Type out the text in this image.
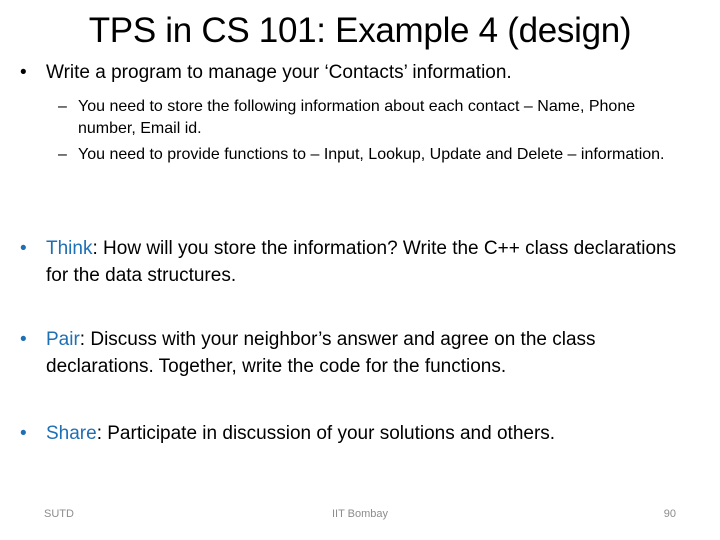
TPS in CS 101: Example 4 (design)
•	Write a program to manage your ‘Contacts’ information.
– You need to store the following information about each contact – Name, Phone number, Email id.
– You need to provide functions to – Input, Lookup, Update and Delete – information.
•	Think: How will you store the information? Write the C++ class declarations for the data structures.
•	Pair: Discuss with your neighbor’s answer and agree on the class declarations. Together, write the code for the functions.
•	Share: Participate in discussion of your solutions and others.
SUTD	IIT Bombay	90
